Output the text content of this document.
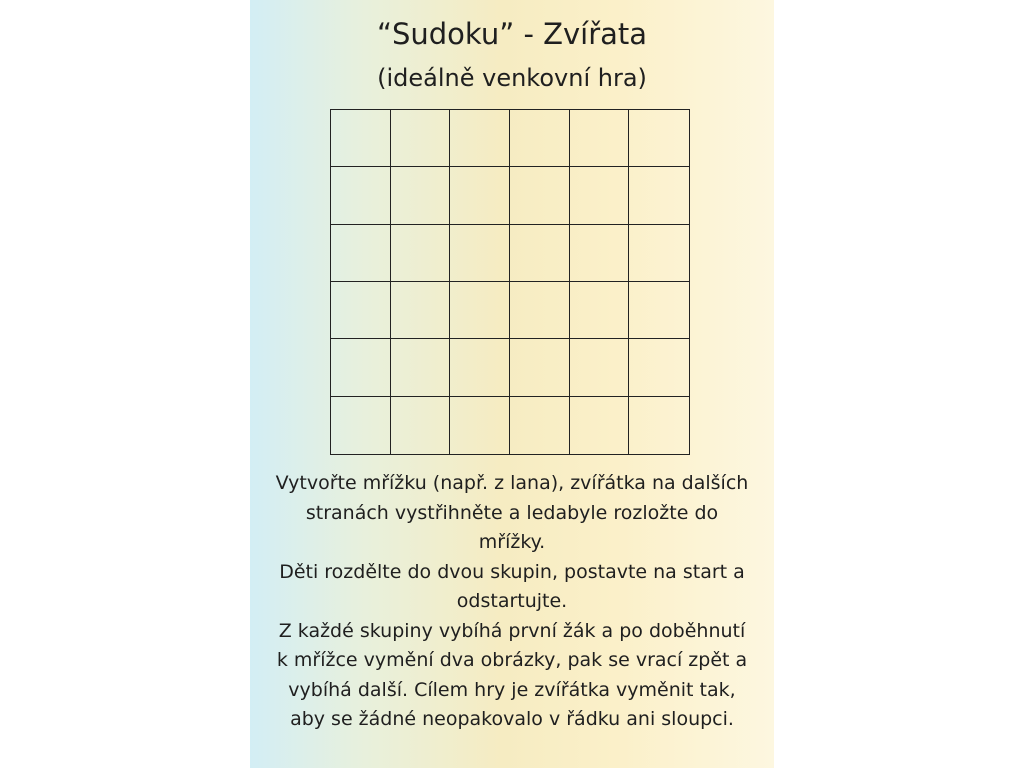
“Sudoku” - Zvířata
(ideálně venkovní hra)

Vytvořte mřížku (např. z lana), zvířátka na dalších
stranách vystřihněte a ledabyle rozložte do
mřížky.

Děti rozdělte do dvou skupin, postavte na start a
odstartujte.

Z každé skupiny vybíhá první žák a po doběhnutí
k mřížce vymění dva obrázky, pak se vrací zpět a
vybíhá další. Cílem hry je zvířátka vyměnit tak,
aby se žádné neopakovalo v řádku ani sloupci.
